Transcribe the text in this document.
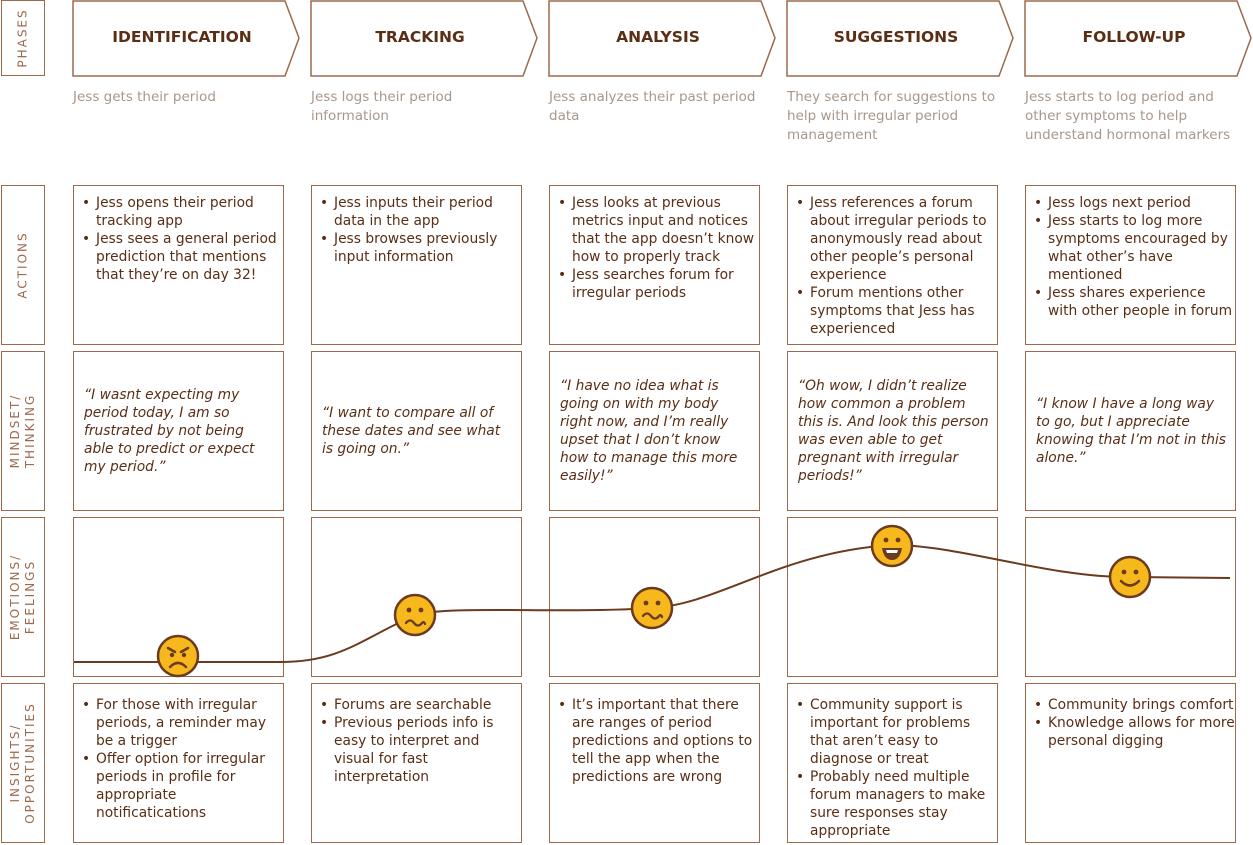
PHASES
ACTIONS
MINDSET/ THINKING
EMOTIONS/ FEELINGS
INSIGHTS/ OPPORTUNITIES
IDENTIFICATION
Jess gets their period
• Jess opens their period tracking app
• Jess sees a general period prediction that mentions that they’re on day 32!
“I wasnt expecting my period today, I am so frustrated by not being able to predict or expect my period.”
• For those with irregular periods, a reminder may be a trigger
• Offer option for irregular periods in profile for appropriate notificatications
TRACKING
Jess logs their period information
• Jess inputs their period data in the app
• Jess browses previously input information
“I want to compare all of these dates and see what is going on.”
• Forums are searchable
• Previous periods info is easy to interpret and visual for fast interpretation
ANALYSIS
Jess analyzes their past period data
• Jess looks at previous metrics input and notices that the app doesn’t know how to properly track
• Jess searches forum for irregular periods
“I have no idea what is going on with my body right now, and I’m really upset that I don’t know how to manage this more easily!”
• It’s important that there are ranges of period predictions and options to tell the app when the predictions are wrong
SUGGESTIONS
They search for suggestions to help with irregular period management
• Jess references a forum about irregular periods to anonymously read about other people’s personal experience
• Forum mentions other symptoms that Jess has experienced
“Oh wow, I didn’t realize how common a problem this is. And look this person was even able to get pregnant with irregular periods!”
• Community support is important for problems that aren’t easy to diagnose or treat
• Probably need multiple forum managers to make sure responses stay appropriate
FOLLOW-UP
Jess starts to log period and other symptoms to help understand hormonal markers
• Jess logs next period
• Jess starts to log more symptoms encouraged by what other’s have mentioned
• Jess shares experience with other people in forum
“I know I have a long way to go, but I appreciate knowing that I’m not in this alone.”
• Community brings comfort
• Knowledge allows for more personal digging
